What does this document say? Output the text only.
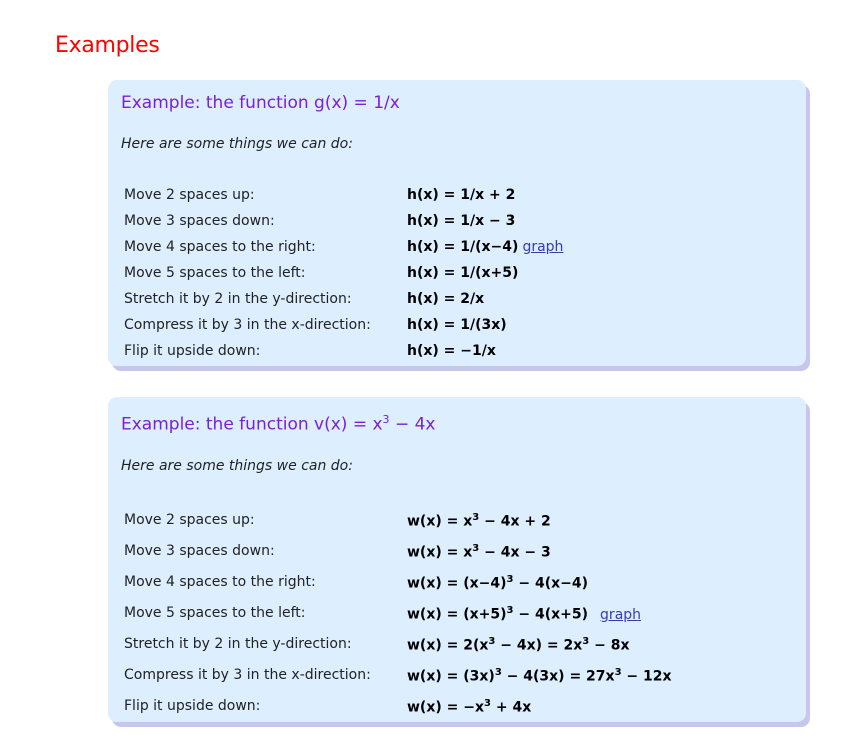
Examples
Example: the function g(x) = 1/x
Here are some things we can do:
Move 2 spaces up:	h(x) = 1/x + 2
Move 3 spaces down:	h(x) = 1/x − 3
Move 4 spaces to the right:	h(x) = 1/(x−4) graph
Move 5 spaces to the left:	h(x) = 1/(x+5)
Stretch it by 2 in the y-direction:	h(x) = 2/x
Compress it by 3 in the x-direction:	h(x) = 1/(3x)
Flip it upside down:	h(x) = −1/x
Example: the function $v(x) = x^3 - 4x$
Here are some things we can do:
Move 2 spaces up:	$w(x) = x^3 - 4x + 2$
Move 3 spaces down:	$w(x) = x^3 - 4x - 3$
Move 4 spaces to the right:	$w(x) = (x-4)^3 - 4(x-4)$
Move 5 spaces to the left:	$w(x) = (x+5)^3 - 4(x+5)$ graph
Stretch it by 2 in the y-direction:	$w(x) = 2(x^3 - 4x) = 2x^3 - 8x$
Compress it by 3 in the x-direction:	$w(x) = (3x)^3 - 4(3x) = 27x^3 - 12x$
Flip it upside down:	$w(x) = -x^3 + 4x$
